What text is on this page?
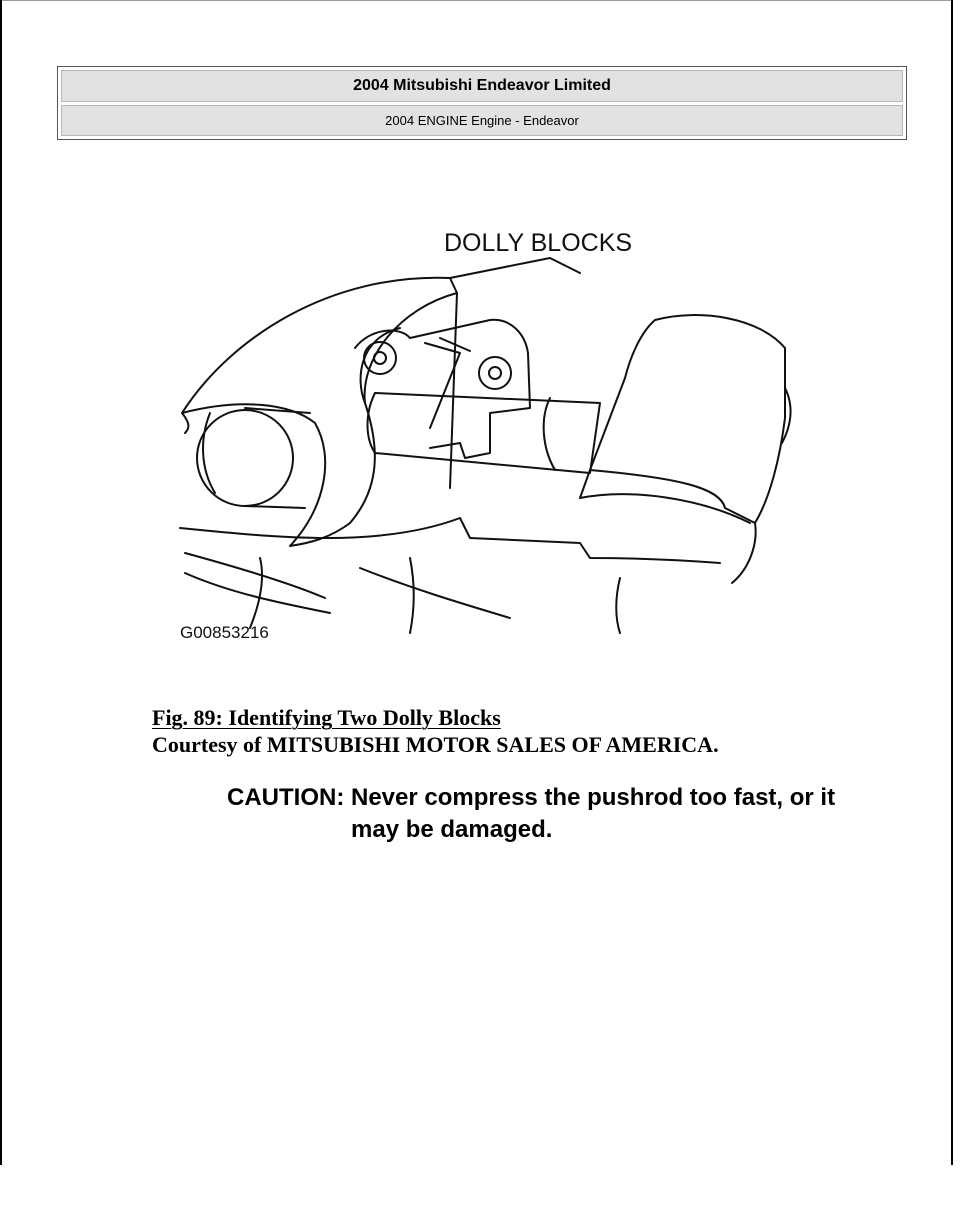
2004 Mitsubishi Endeavor Limited
2004 ENGINE Engine - Endeavor
DOLLY BLOCKS
G00853216
Fig. 89: Identifying Two Dolly Blocks
Courtesy of MITSUBISHI MOTOR SALES OF AMERICA.
CAUTION: Never compress the pushrod too fast, or it
may be damaged.
